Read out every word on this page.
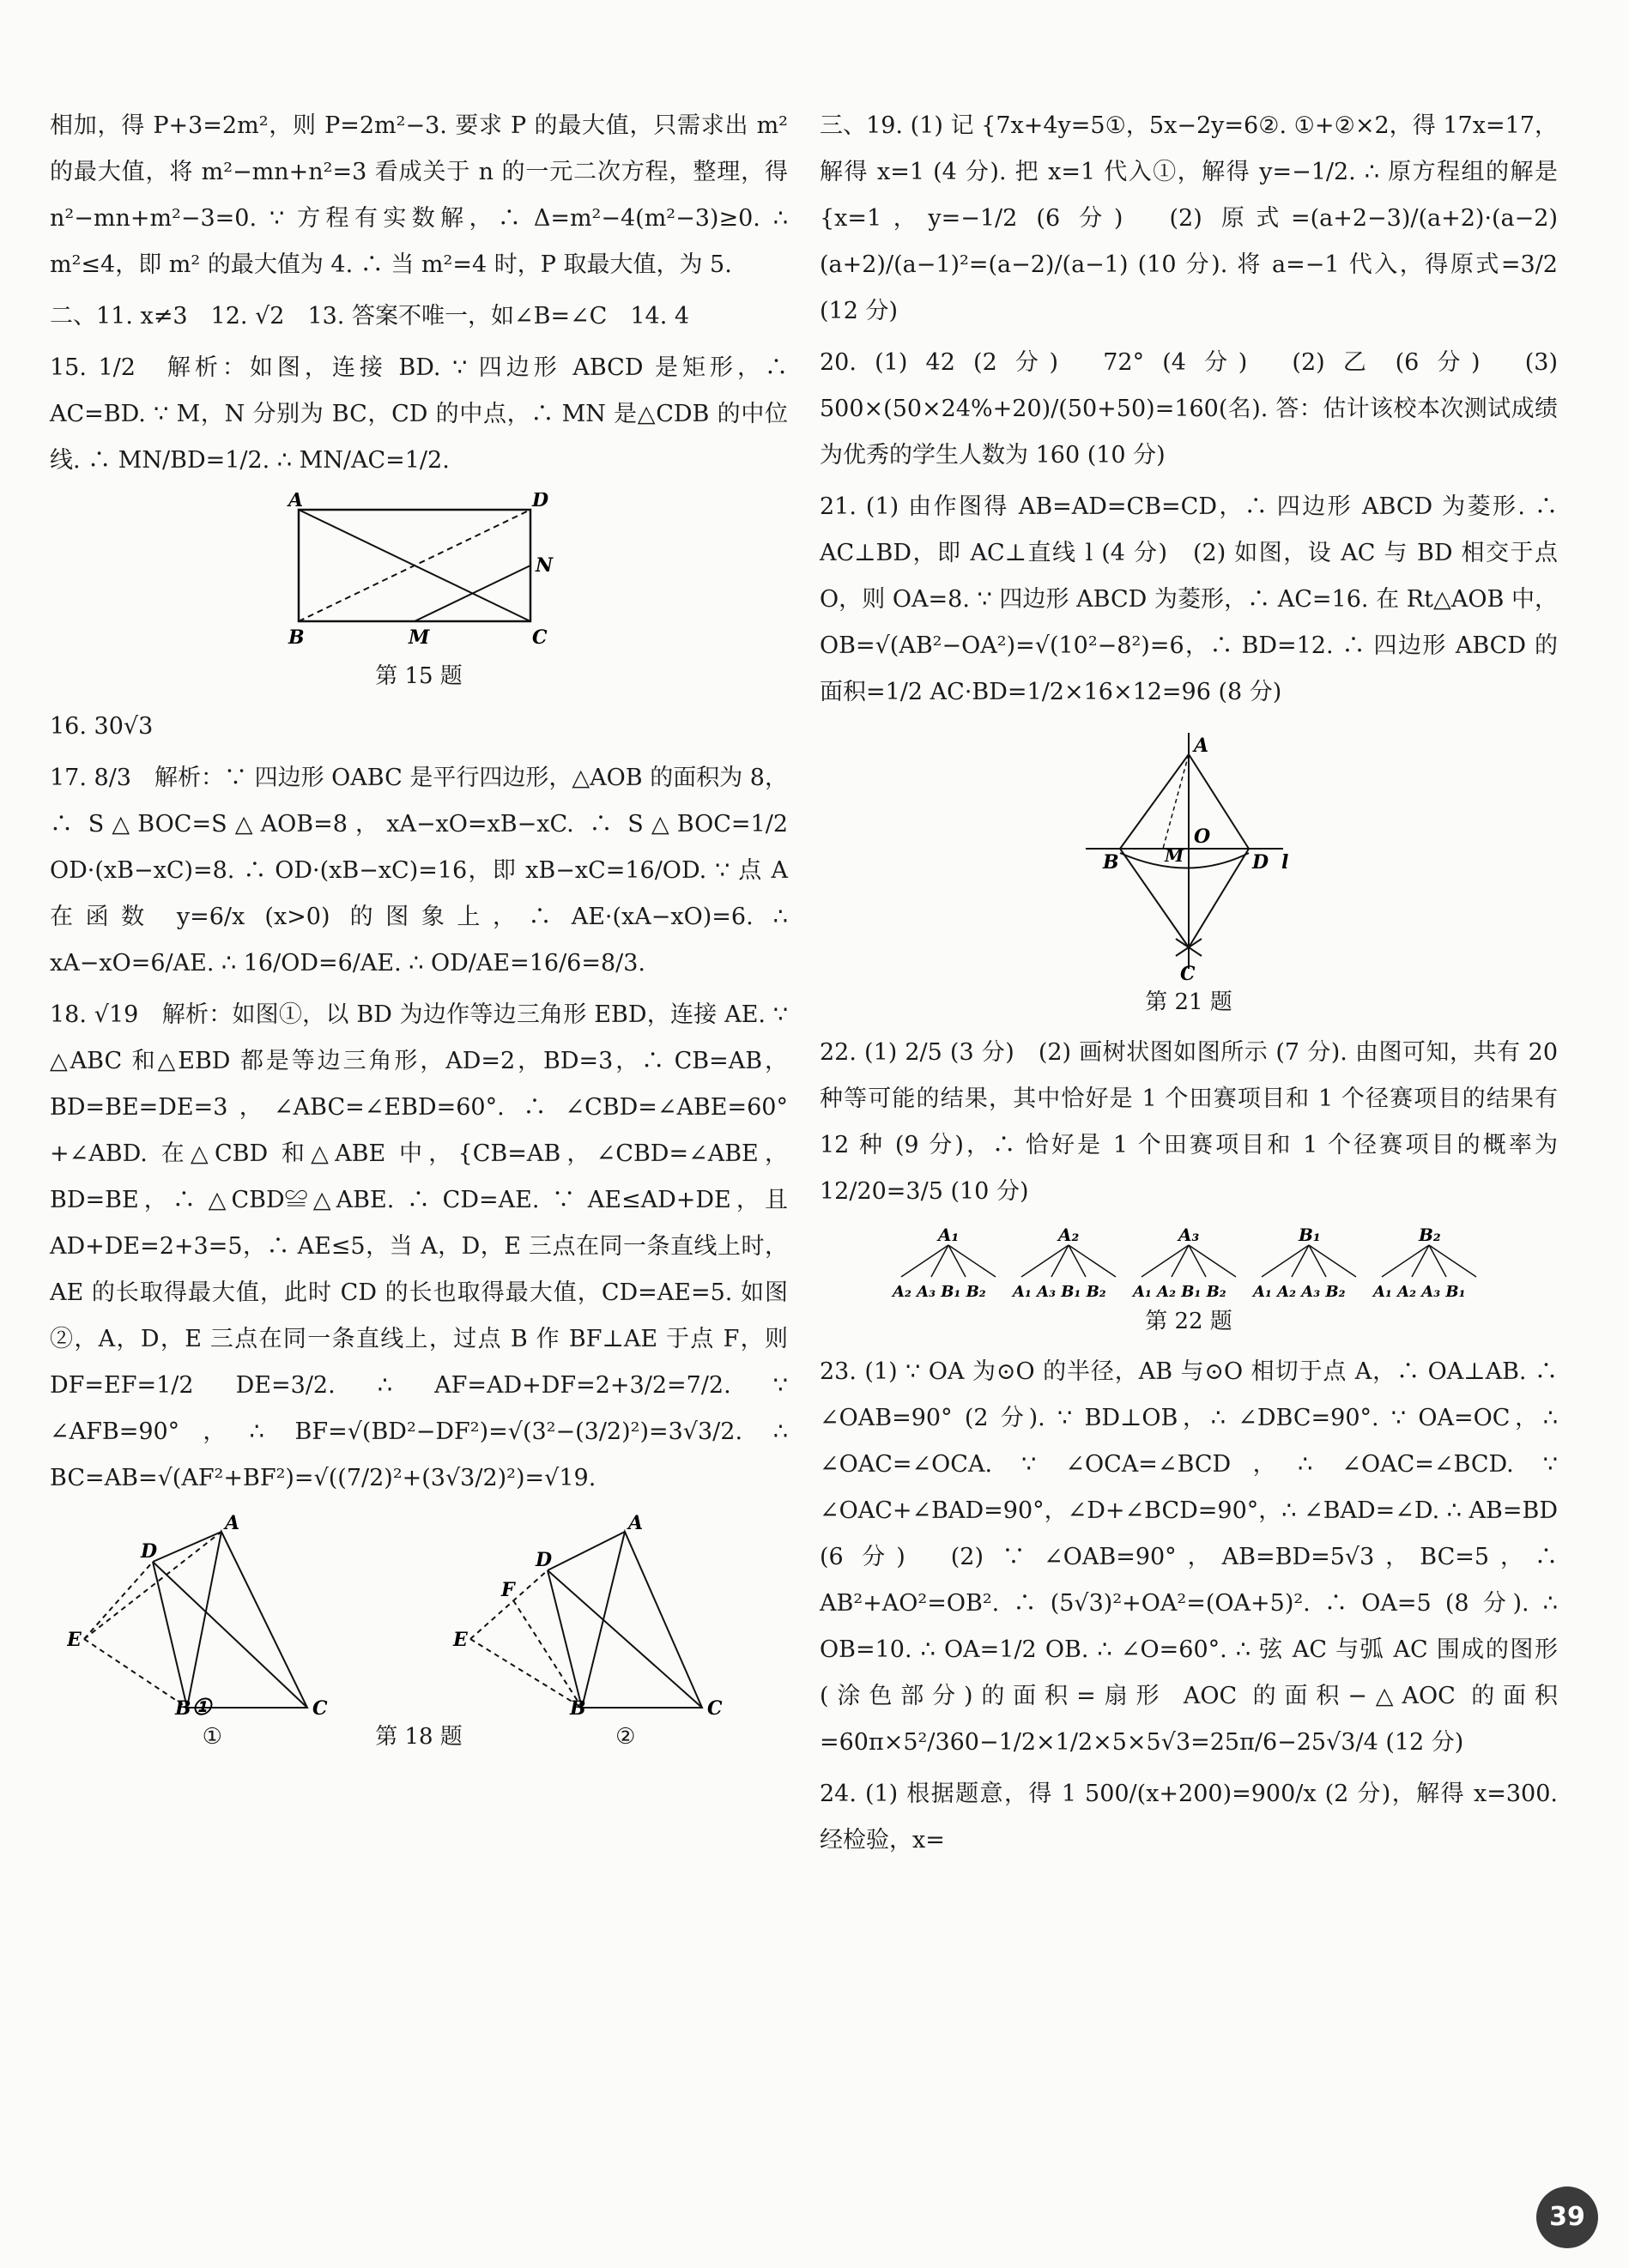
相加，得 P+3=2m²，则 P=2m²−3. 要求 P 的最大值，只需求出 m² 的最大值，将 m²−mn+n²=3 看成关于 n 的一元二次方程，整理，得 n²−mn+m²−3=0. ∵ 方程有实数解，∴ Δ=m²−4(m²−3)≥0. ∴ m²≤4，即 m² 的最大值为 4. ∴ 当 m²=4 时，P 取最大值，为 5.

二、11. x≠3　12. √2　13. 答案不唯一，如∠B=∠C　14. 4

15. 1/2　解析：如图，连接 BD. ∵ 四边形 ABCD 是矩形，∴ AC=BD. ∵ M，N 分别为 BC，CD 的中点，∴ MN 是△CDB 的中位线. ∴ MN/BD=1/2. ∴ MN/AC=1/2.

A	D
N
B	M	C
第 15 题

16. 30√3

17. 8/3　解析：∵ 四边形 OABC 是平行四边形，△AOB 的面积为 8，∴ S△BOC=S△AOB=8，xA−xO=xB−xC. ∴ S△BOC=1/2 OD·(xB−xC)=8. ∴ OD·(xB−xC)=16，即 xB−xC=16/OD. ∵ 点 A 在函数 y=6/x (x>0) 的图象上，∴ AE·(xA−xO)=6. ∴ xA−xO=6/AE. ∴ 16/OD=6/AE. ∴ OD/AE=16/6=8/3.

18. √19　解析：如图①，以 BD 为边作等边三角形 EBD，连接 AE. ∵ △ABC 和△EBD 都是等边三角形，AD=2，BD=3，∴ CB=AB，BD=BE=DE=3，∠ABC=∠EBD=60°. ∴ ∠CBD=∠ABE=60°+∠ABD. 在△CBD 和△ABE 中，{CB=AB，∠CBD=∠ABE，BD=BE，∴ △CBD≌△ABE. ∴ CD=AE. ∵ AE≤AD+DE，且 AD+DE=2+3=5，∴ AE≤5，当 A，D，E 三点在同一条直线上时，AE 的长取得最大值，此时 CD 的长也取得最大值，CD=AE=5. 如图②，A，D，E 三点在同一条直线上，过点 B 作 BF⊥AE 于点 F，则 DF=EF=1/2 DE=3/2. ∴ AF=AD+DF=2+3/2=7/2. ∵ ∠AFB=90°，∴ BF=√(BD²−DF²)=√(3²−(3/2)²)=3√3/2. ∴ BC=AB=√(AF²+BF²)=√((7/2)²+(3√3/2)²)=√19.

D
A
E
B	C
①
D
A
F
E
B	C
①	第 18 题	②

三、19. (1) 记 {7x+4y=5①，5x−2y=6②. ①+②×2，得 17x=17，解得 x=1 (4 分). 把 x=1 代入①，解得 y=−1/2. ∴ 原方程组的解是 {x=1，y=−1/2 (6 分)　(2) 原式=(a+2−3)/(a+2)·(a−2)(a+2)/(a−1)²=(a−2)/(a−1) (10 分). 将 a=−1 代入，得原式=3/2 (12 分)

20. (1) 42 (2 分)　72° (4 分)　(2) 乙 (6 分)　(3) 500×(50×24%+20)/(50+50)=160(名). 答：估计该校本次测试成绩为优秀的学生人数为 160 (10 分)

21. (1) 由作图得 AB=AD=CB=CD，∴ 四边形 ABCD 为菱形. ∴ AC⊥BD，即 AC⊥直线 l (4 分)　(2) 如图，设 AC 与 BD 相交于点 O，则 OA=8. ∵ 四边形 ABCD 为菱形，∴ AC=16. 在 Rt△AOB 中，OB=√(AB²−OA²)=√(10²−8²)=6，∴ BD=12. ∴ 四边形 ABCD 的面积=1/2 AC·BD=1/2×16×12=96 (8 分)

A
O
M
B	D l
C
第 21 题

22. (1) 2/5 (3 分)　(2) 画树状图如图所示 (7 分). 由图可知，共有 20 种等可能的结果，其中恰好是 1 个田赛项目和 1 个径赛项目的结果有 12 种 (9 分)，∴ 恰好是 1 个田赛项目和 1 个径赛项目的概率为 12/20=3/5 (10 分)

A₁	A₂	A₃	B₁	B₂
A₂ A₃ B₁ B₂ A₁ A₃ B₁ B₂ A₁ A₂ B₁ B₂ A₁ A₂ A₃ B₂ A₁ A₂ A₃ B₁
第 22 题

23. (1) ∵ OA 为⊙O 的半径，AB 与⊙O 相切于点 A，∴ OA⊥AB. ∴ ∠OAB=90° (2 分). ∵ BD⊥OB，∴ ∠DBC=90°. ∵ OA=OC，∴ ∠OAC=∠OCA. ∵ ∠OCA=∠BCD，∴ ∠OAC=∠BCD. ∵ ∠OAC+∠BAD=90°，∠D+∠BCD=90°，∴ ∠BAD=∠D. ∴ AB=BD (6 分)　(2) ∵ ∠OAB=90°，AB=BD=5√3，BC=5，∴ AB²+AO²=OB². ∴ (5√3)²+OA²=(OA+5)². ∴ OA=5 (8 分). ∴ OB=10. ∴ OA=1/2 OB. ∴ ∠O=60°. ∴ 弦 AC 与弧 AC 围成的图形(涂色部分)的面积=扇形 AOC 的面积−△AOC 的面积=60π×5²/360−1/2×1/2×5×5√3=25π/6−25√3/4 (12 分)

24. (1) 根据题意，得 1 500/(x+200)=900/x (2 分)，解得 x=300. 经检验，x=

39
